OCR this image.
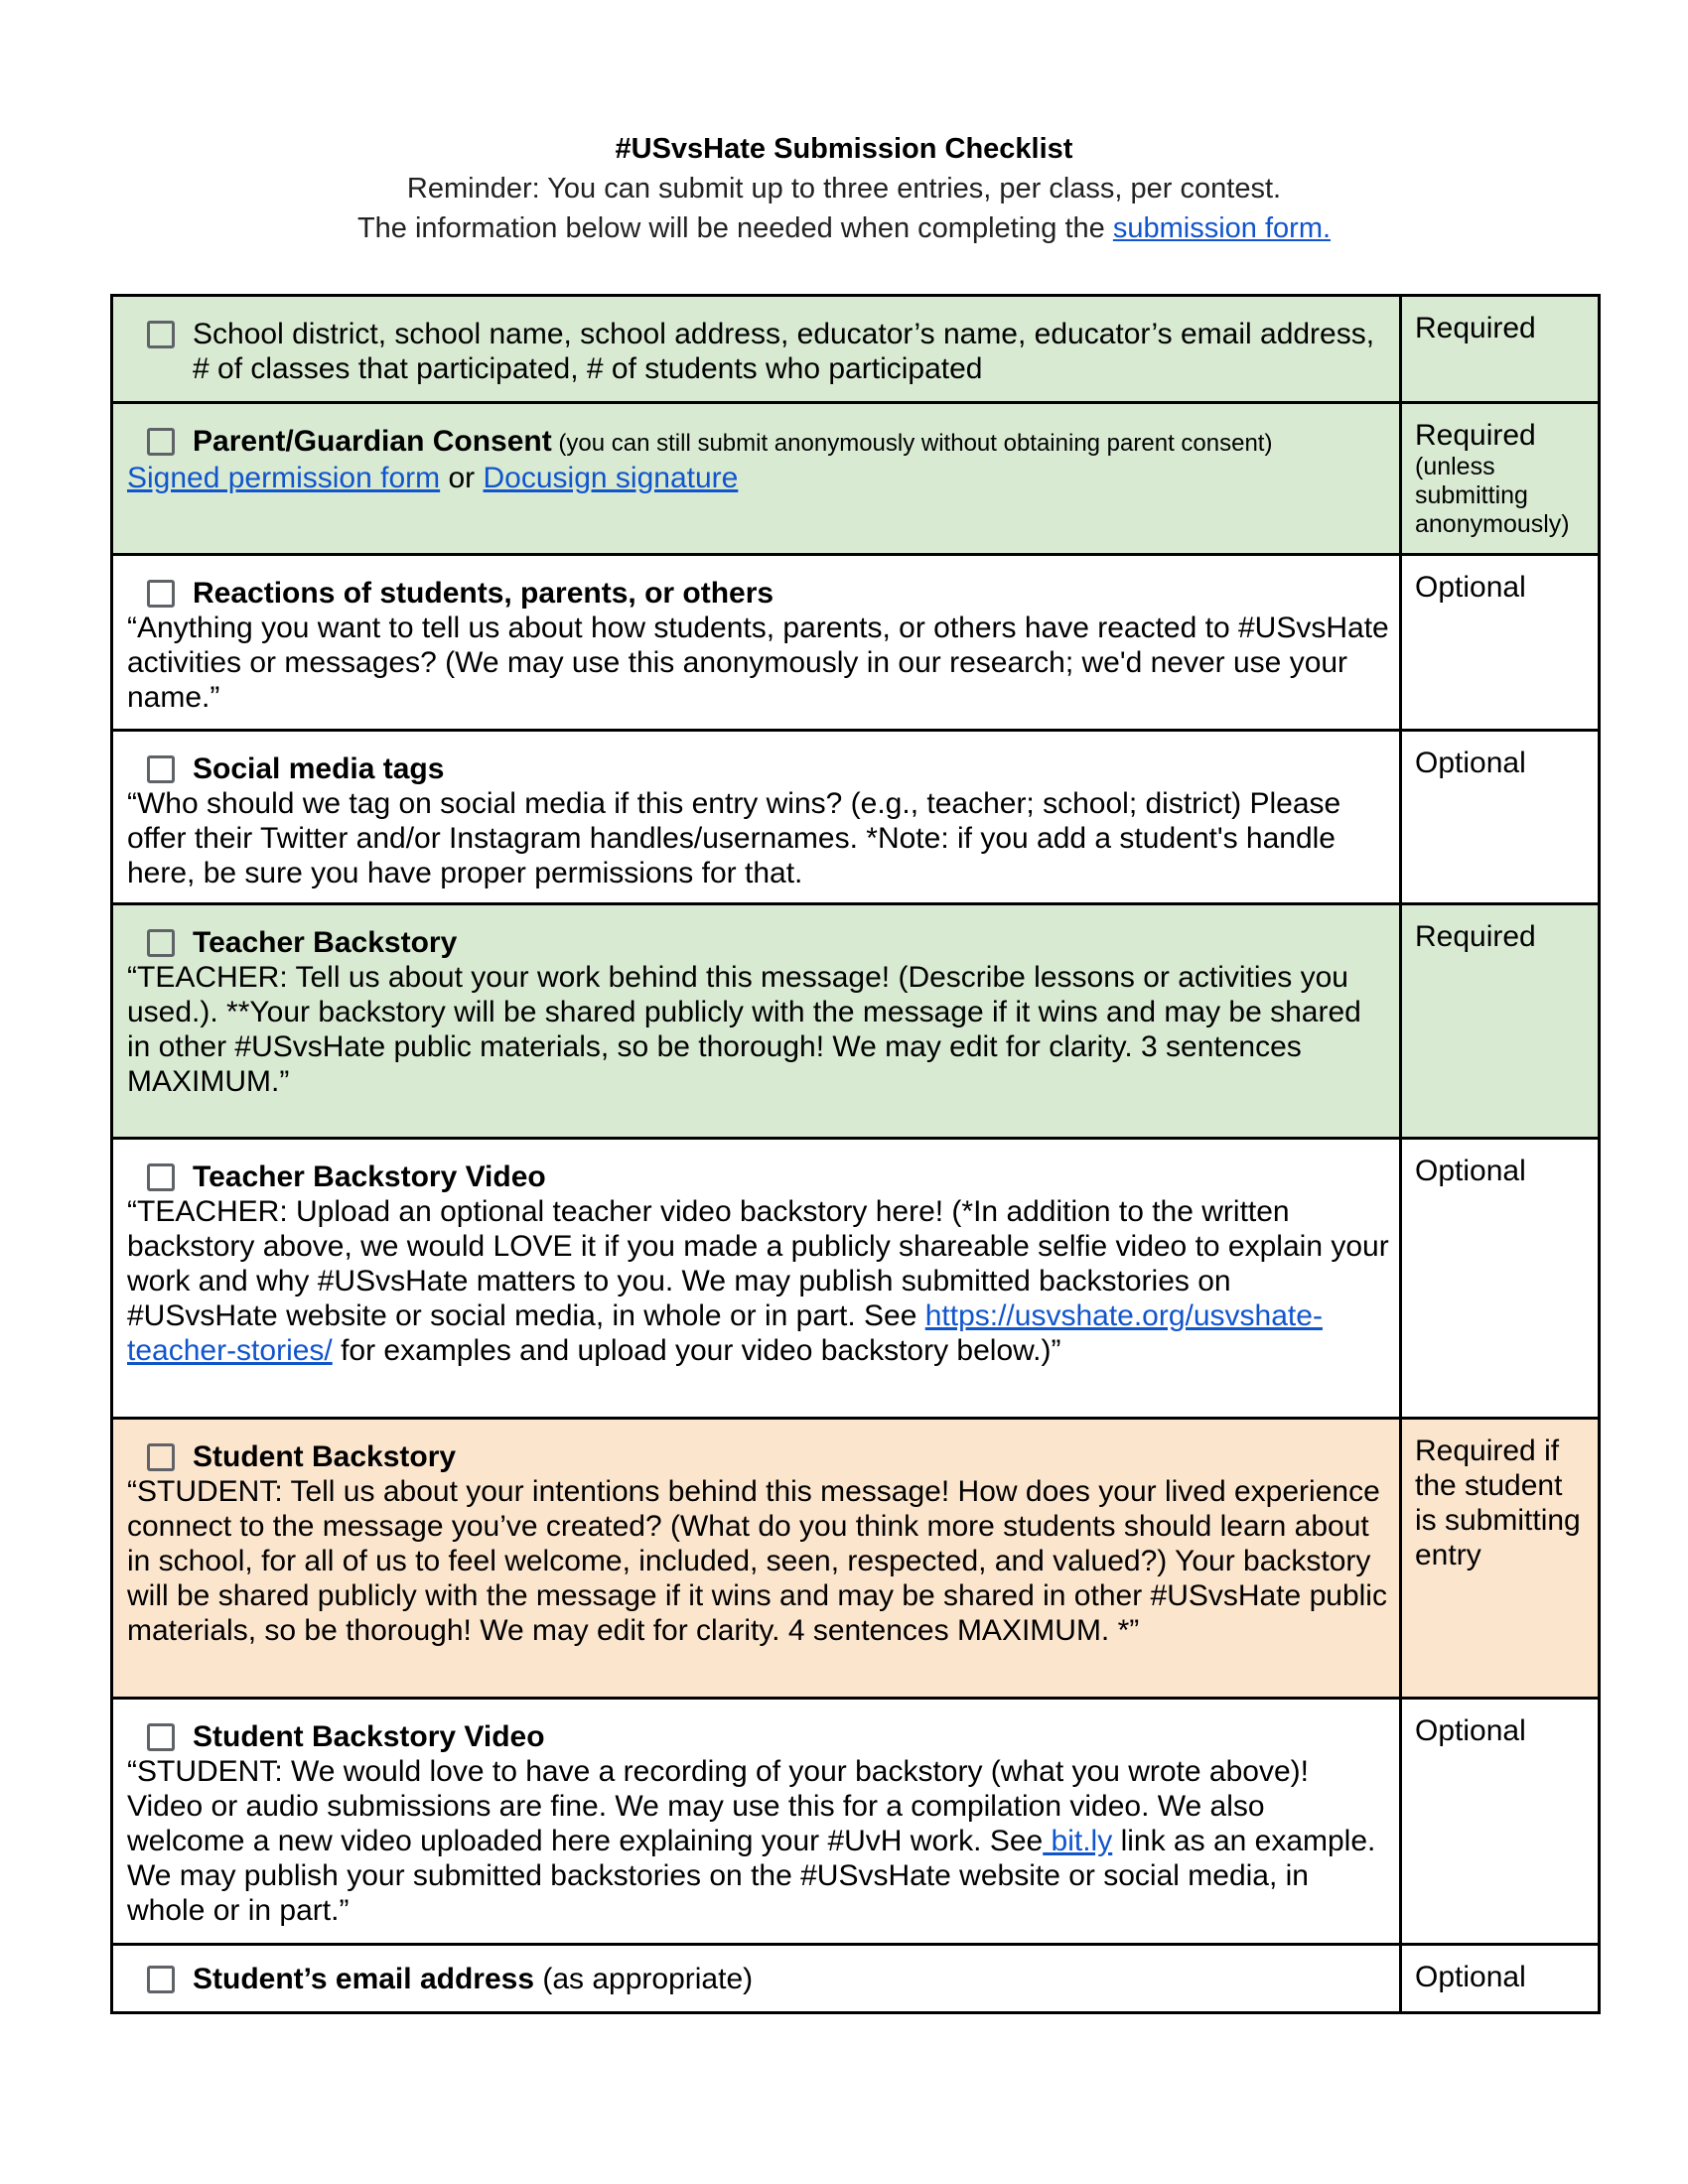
#USvsHate Submission Checklist

Reminder: You can submit up to three entries, per class, per contest.

The information below will be needed when completing the submission form.

School district, school name, school address, educator’s name, educator’s email address, # of classes that participated, # of students who participated	Required

Parent/Guardian Consent (you can still submit anonymously without obtaining parent consent)
Signed permission form or Docusign signature
	Required
(unless submitting anonymously)

Reactions of students, parents, or others
“Anything you want to tell us about how students, parents, or others have reacted to #USvsHate activities or messages? (We may use this anonymously in our research; we'd never use your name.”	Optional

Social media tags
“Who should we tag on social media if this entry wins? (e.g., teacher; school; district) Please offer their Twitter and/or Instagram handles/usernames. *Note: if you add a student's handle here, be sure you have proper permissions for that.	Optional

Teacher Backstory
“TEACHER: Tell us about your work behind this message! (Describe lessons or activities you used.). **Your backstory will be shared publicly with the message if it wins and may be shared in other #USvsHate public materials, so be thorough! We may edit for clarity. 3 sentences MAXIMUM.”	Required

Teacher Backstory Video
“TEACHER: Upload an optional teacher video backstory here! (*In addition to the written backstory above, we would LOVE it if you made a publicly shareable selfie video to explain your work and why #USvsHate matters to you. We may publish submitted backstories on #USvsHate website or social media, in whole or in part. See https://usvshate.org/usvshate-teacher-stories/ for examples and upload your video backstory below.)”	Optional

Student Backstory
“STUDENT: Tell us about your intentions behind this message! How does your lived experience connect to the message you’ve created? (What do you think more students should learn about in school, for all of us to feel welcome, included, seen, respected, and valued?) Your backstory will be shared publicly with the message if it wins and may be shared in other #USvsHate public materials, so be thorough! We may edit for clarity. 4 sentences MAXIMUM. *”	Required if the student is submitting entry

Student Backstory Video
“STUDENT: We would love to have a recording of your backstory (what you wrote above)! Video or audio submissions are fine. We may use this for a compilation video. We also welcome a new video uploaded here explaining your #UvH work. See bit.ly link as an example. We may publish your submitted backstories on the #USvsHate website or social media, in whole or in part.”	Optional

Student’s email address (as appropriate)	Optional
